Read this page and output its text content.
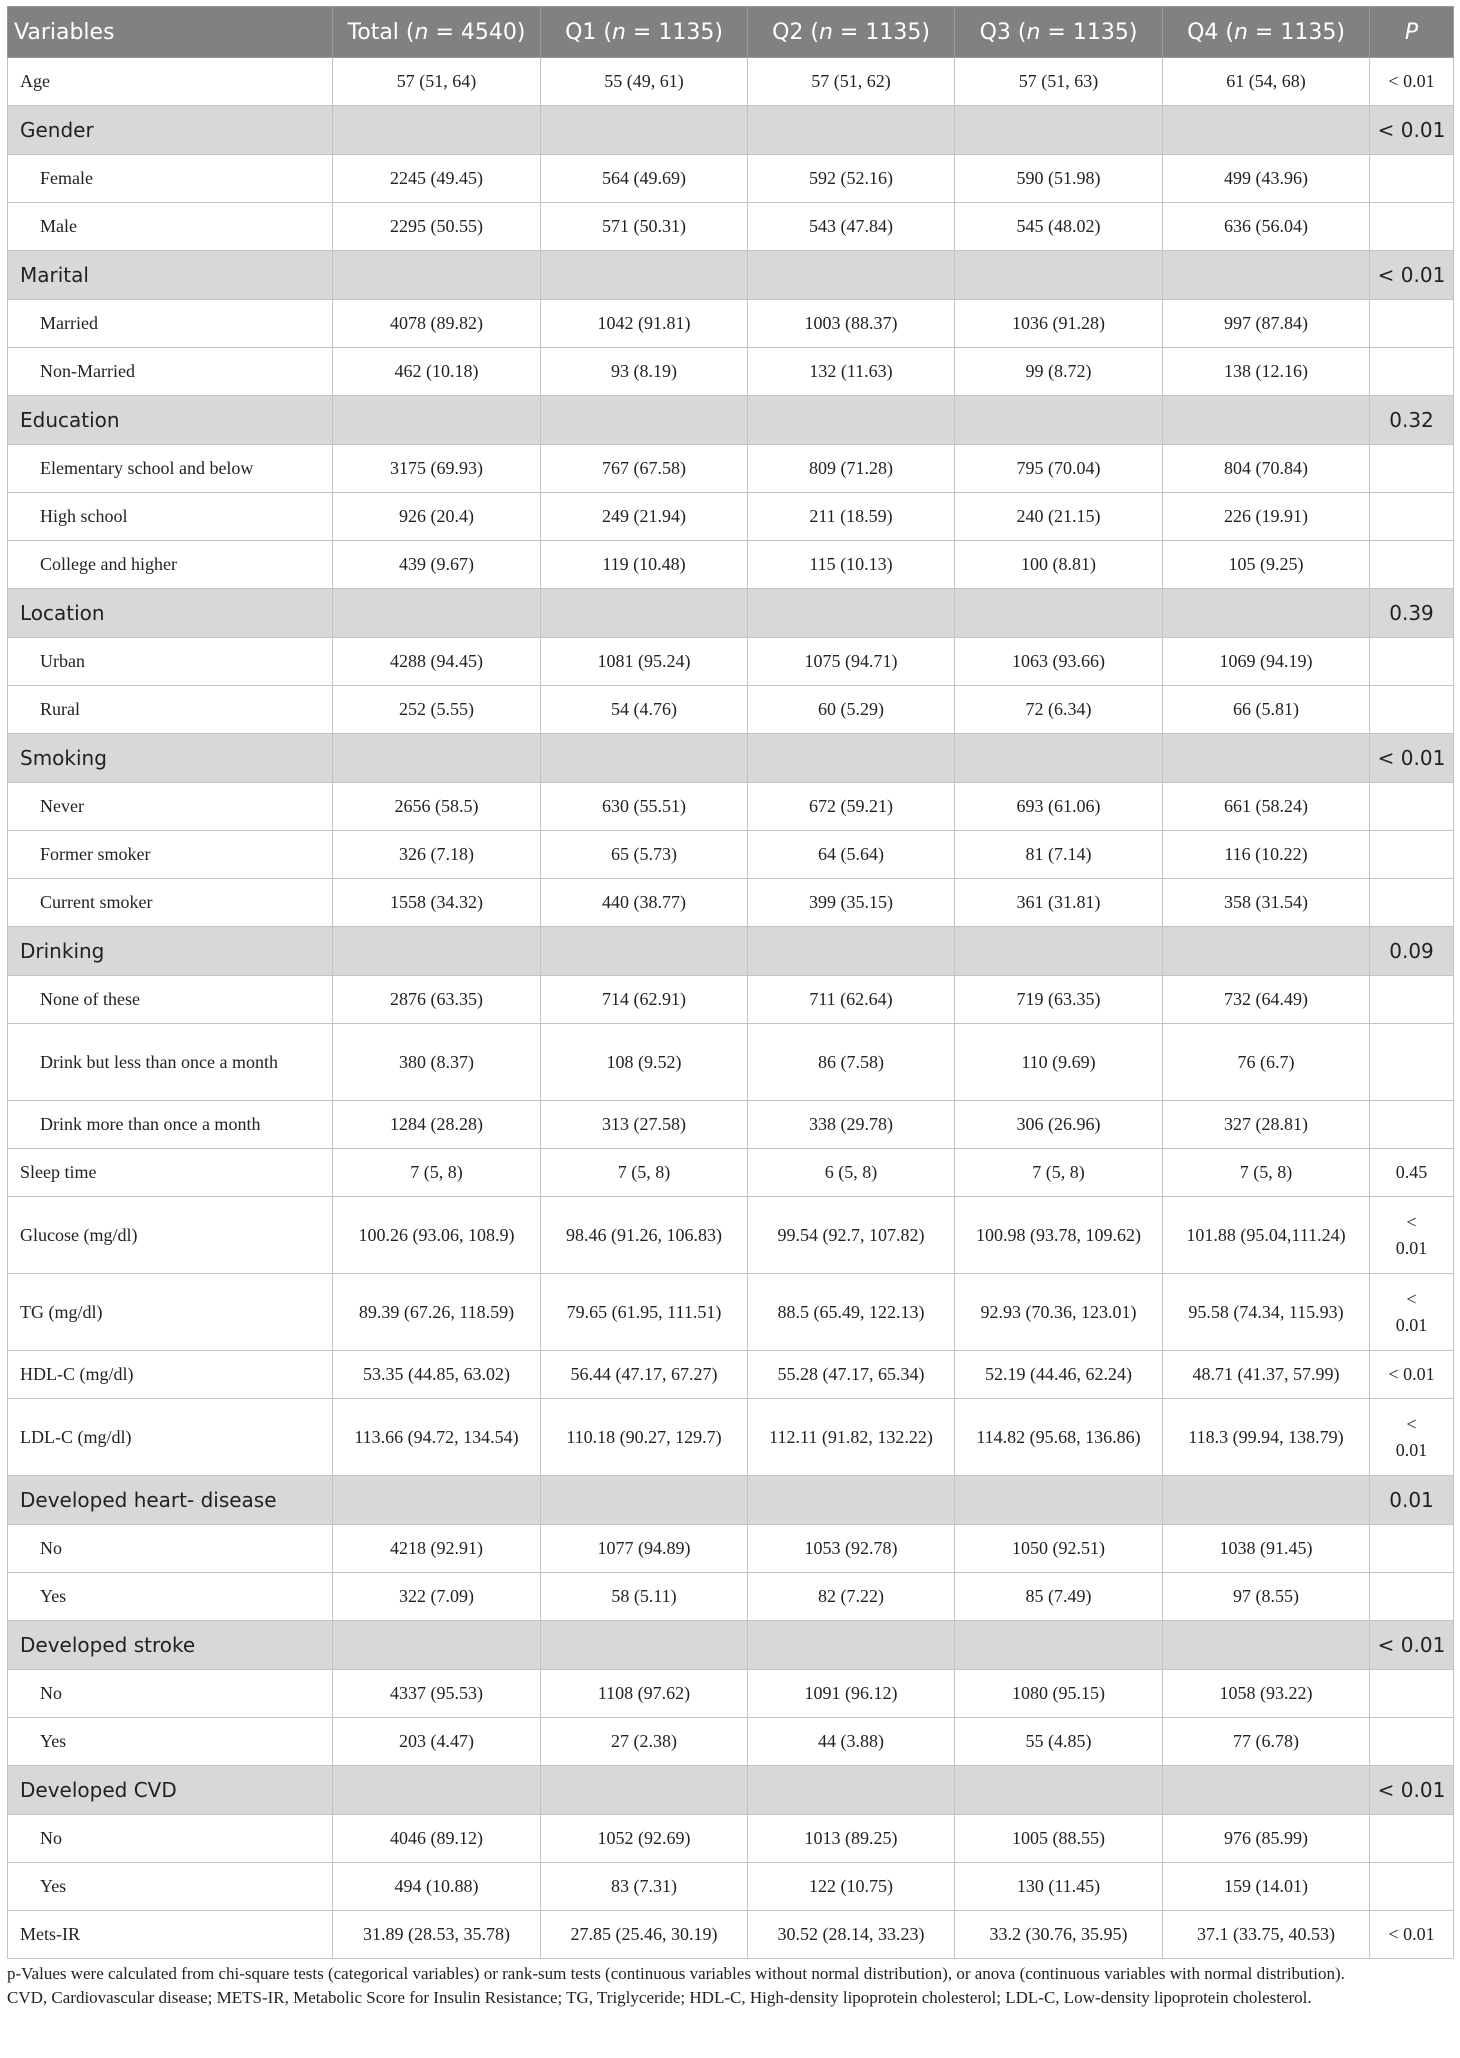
Variables	Total (n = 4540)	Q1 (n = 1135)	Q2 (n = 1135)	Q3 (n = 1135)	Q4 (n = 1135)	P
Age	57 (51, 64)	55 (49, 61)	57 (51, 62)	57 (51, 63)	61 (54, 68)	< 0.01
Gender						< 0.01
Female	2245 (49.45)	564 (49.69)	592 (52.16)	590 (51.98)	499 (43.96)	
Male	2295 (50.55)	571 (50.31)	543 (47.84)	545 (48.02)	636 (56.04)	
Marital						< 0.01
Married	4078 (89.82)	1042 (91.81)	1003 (88.37)	1036 (91.28)	997 (87.84)	
Non-Married	462 (10.18)	93 (8.19)	132 (11.63)	99 (8.72)	138 (12.16)	
Education						0.32
Elementary school and below	3175 (69.93)	767 (67.58)	809 (71.28)	795 (70.04)	804 (70.84)	
High school	926 (20.4)	249 (21.94)	211 (18.59)	240 (21.15)	226 (19.91)	
College and higher	439 (9.67)	119 (10.48)	115 (10.13)	100 (8.81)	105 (9.25)	
Location						0.39
Urban	4288 (94.45)	1081 (95.24)	1075 (94.71)	1063 (93.66)	1069 (94.19)	
Rural	252 (5.55)	54 (4.76)	60 (5.29)	72 (6.34)	66 (5.81)	
Smoking						< 0.01
Never	2656 (58.5)	630 (55.51)	672 (59.21)	693 (61.06)	661 (58.24)	
Former smoker	326 (7.18)	65 (5.73)	64 (5.64)	81 (7.14)	116 (10.22)	
Current smoker	1558 (34.32)	440 (38.77)	399 (35.15)	361 (31.81)	358 (31.54)	
Drinking						0.09
None of these	2876 (63.35)	714 (62.91)	711 (62.64)	719 (63.35)	732 (64.49)	
Drink but less than once a month	380 (8.37)	108 (9.52)	86 (7.58)	110 (9.69)	76 (6.7)	
Drink more than once a month	1284 (28.28)	313 (27.58)	338 (29.78)	306 (26.96)	327 (28.81)	
Sleep time	7 (5, 8)	7 (5, 8)	6 (5, 8)	7 (5, 8)	7 (5, 8)	0.45
Glucose (mg/dl)	100.26 (93.06, 108.9)	98.46 (91.26, 106.83)	99.54 (92.7, 107.82)	100.98 (93.78, 109.62)	101.88 (95.04,111.24)	< 0.01
TG (mg/dl)	89.39 (67.26, 118.59)	79.65 (61.95, 111.51)	88.5 (65.49, 122.13)	92.93 (70.36, 123.01)	95.58 (74.34, 115.93)	< 0.01
HDL-C (mg/dl)	53.35 (44.85, 63.02)	56.44 (47.17, 67.27)	55.28 (47.17, 65.34)	52.19 (44.46, 62.24)	48.71 (41.37, 57.99)	< 0.01
LDL-C (mg/dl)	113.66 (94.72, 134.54)	110.18 (90.27, 129.7)	112.11 (91.82, 132.22)	114.82 (95.68, 136.86)	118.3 (99.94, 138.79)	< 0.01
Developed heart- disease						0.01
No	4218 (92.91)	1077 (94.89)	1053 (92.78)	1050 (92.51)	1038 (91.45)	
Yes	322 (7.09)	58 (5.11)	82 (7.22)	85 (7.49)	97 (8.55)	
Developed stroke						< 0.01
No	4337 (95.53)	1108 (97.62)	1091 (96.12)	1080 (95.15)	1058 (93.22)	
Yes	203 (4.47)	27 (2.38)	44 (3.88)	55 (4.85)	77 (6.78)	
Developed CVD						< 0.01
No	4046 (89.12)	1052 (92.69)	1013 (89.25)	1005 (88.55)	976 (85.99)	
Yes	494 (10.88)	83 (7.31)	122 (10.75)	130 (11.45)	159 (14.01)	
Mets-IR	31.89 (28.53, 35.78)	27.85 (25.46, 30.19)	30.52 (28.14, 33.23)	33.2 (30.76, 35.95)	37.1 (33.75, 40.53)	< 0.01

p-Values were calculated from chi-square tests (categorical variables) or rank-sum tests (continuous variables without normal distribution), or anova (continuous variables with normal distribution).

CVD, Cardiovascular disease; METS-IR, Metabolic Score for Insulin Resistance; TG, Triglyceride; HDL-C, High-density lipoprotein cholesterol; LDL-C, Low-density lipoprotein cholesterol.
